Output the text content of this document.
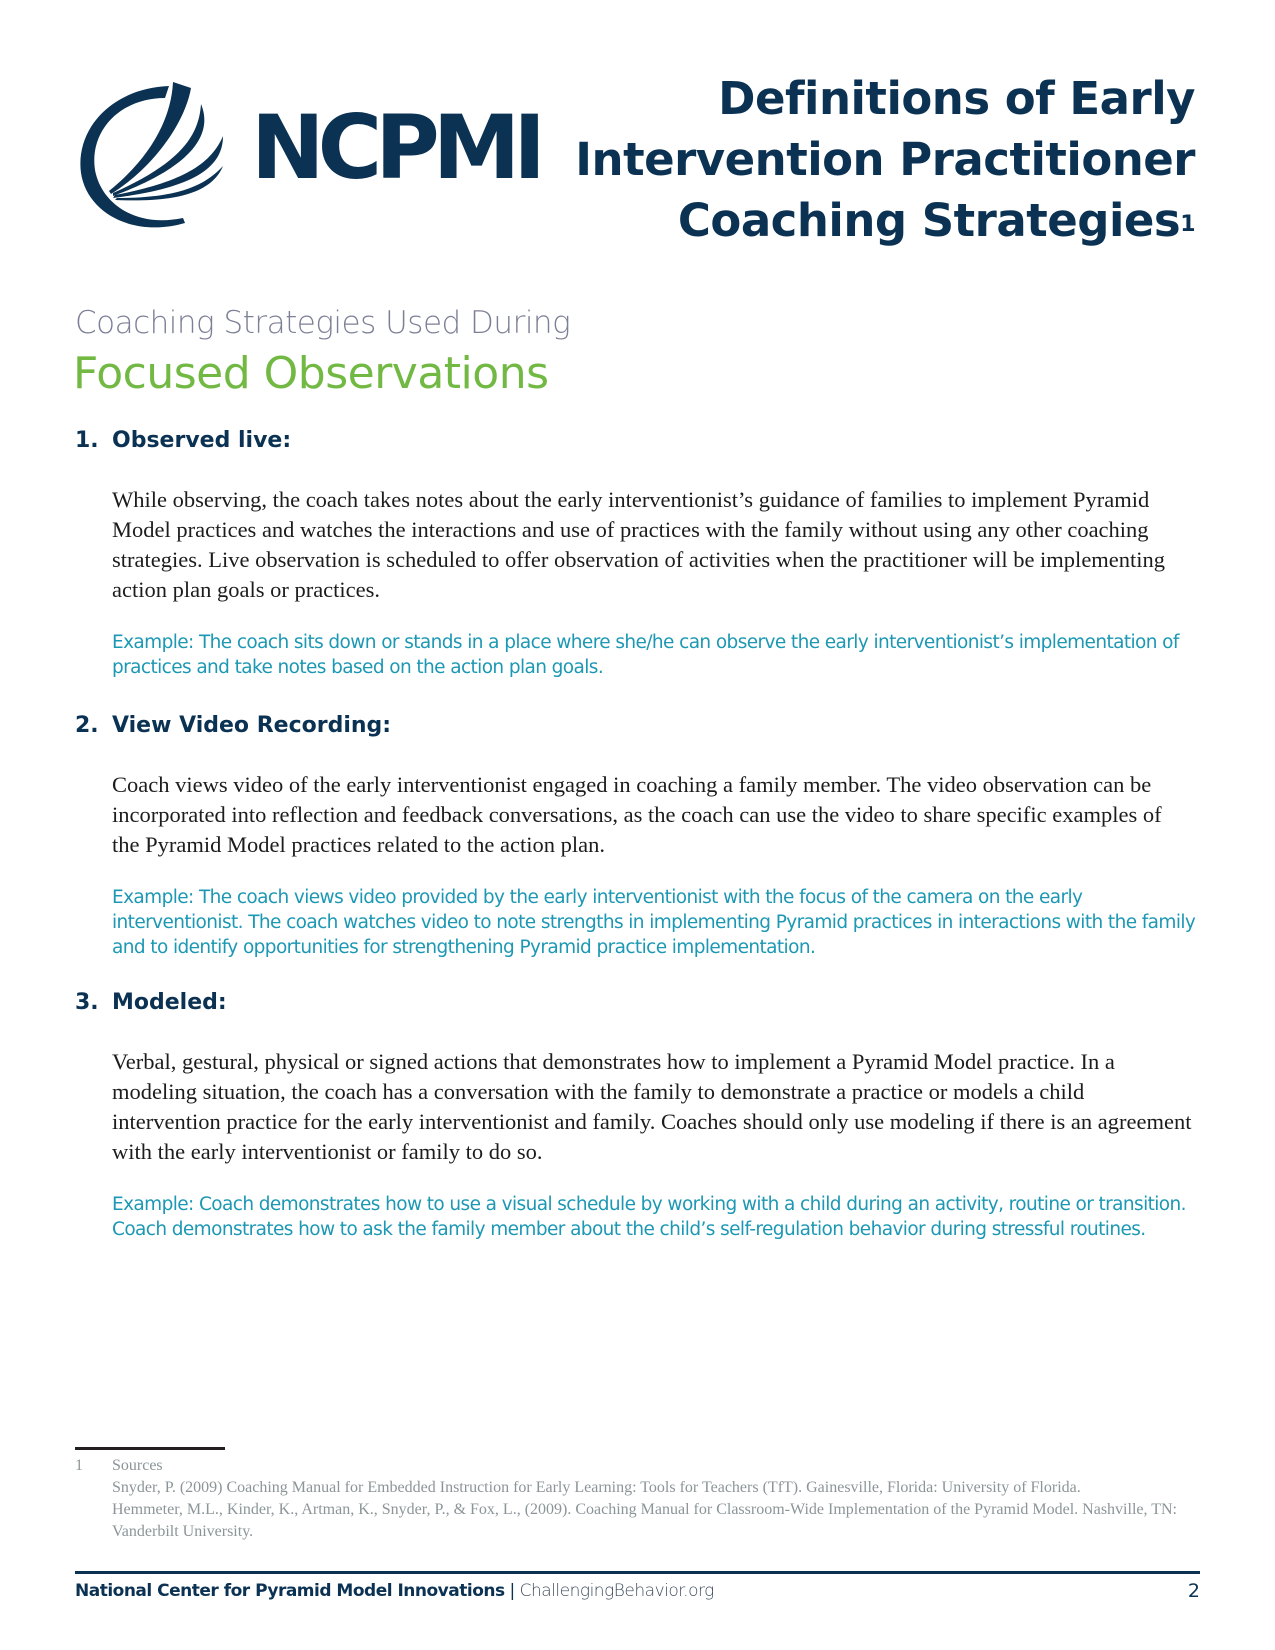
NCPMI	Definitions of Early
Intervention Practitioner
Coaching Strategies$^1$
Coaching Strategies Used During
Focused Observations
1. Observed live:
While observing, the coach takes notes about the early interventionist’s guidance of families to implement Pyramid Model practices and watches the interactions and use of practices with the family without using any other coaching strategies. Live observation is scheduled to offer observation of activities when the practitioner will be implementing action plan goals or practices.
Example: The coach sits down or stands in a place where she/he can observe the early interventionist’s implementation of practices and take notes based on the action plan goals.
2. View Video Recording:
Coach views video of the early interventionist engaged in coaching a family member. The video observation can be incorporated into reflection and feedback conversations, as the coach can use the video to share specific examples of the Pyramid Model practices related to the action plan.
Example: The coach views video provided by the early interventionist with the focus of the camera on the early interventionist. The coach watches video to note strengths in implementing Pyramid practices in interactions with the family and to identify opportunities for strengthening Pyramid practice implementation.
3. Modeled:
Verbal, gestural, physical or signed actions that demonstrates how to implement a Pyramid Model practice. In a modeling situation, the coach has a conversation with the family to demonstrate a practice or models a child intervention practice for the early interventionist and family. Coaches should only use modeling if there is an agreement with the early interventionist or family to do so.
Example: Coach demonstrates how to use a visual schedule by working with a child during an activity, routine or transition. Coach demonstrates how to ask the family member about the child’s self-regulation behavior during stressful routines.
1 Sources
Snyder, P. (2009) Coaching Manual for Embedded Instruction for Early Learning: Tools for Teachers (TfT). Gainesville, Florida: University of Florida.
Hemmeter, M.L., Kinder, K., Artman, K., Snyder, P., & Fox, L., (2009). Coaching Manual for Classroom-Wide Implementation of the Pyramid Model. Nashville, TN: Vanderbilt University.
National Center for Pyramid Model Innovations | ChallengingBehavior.org	2
